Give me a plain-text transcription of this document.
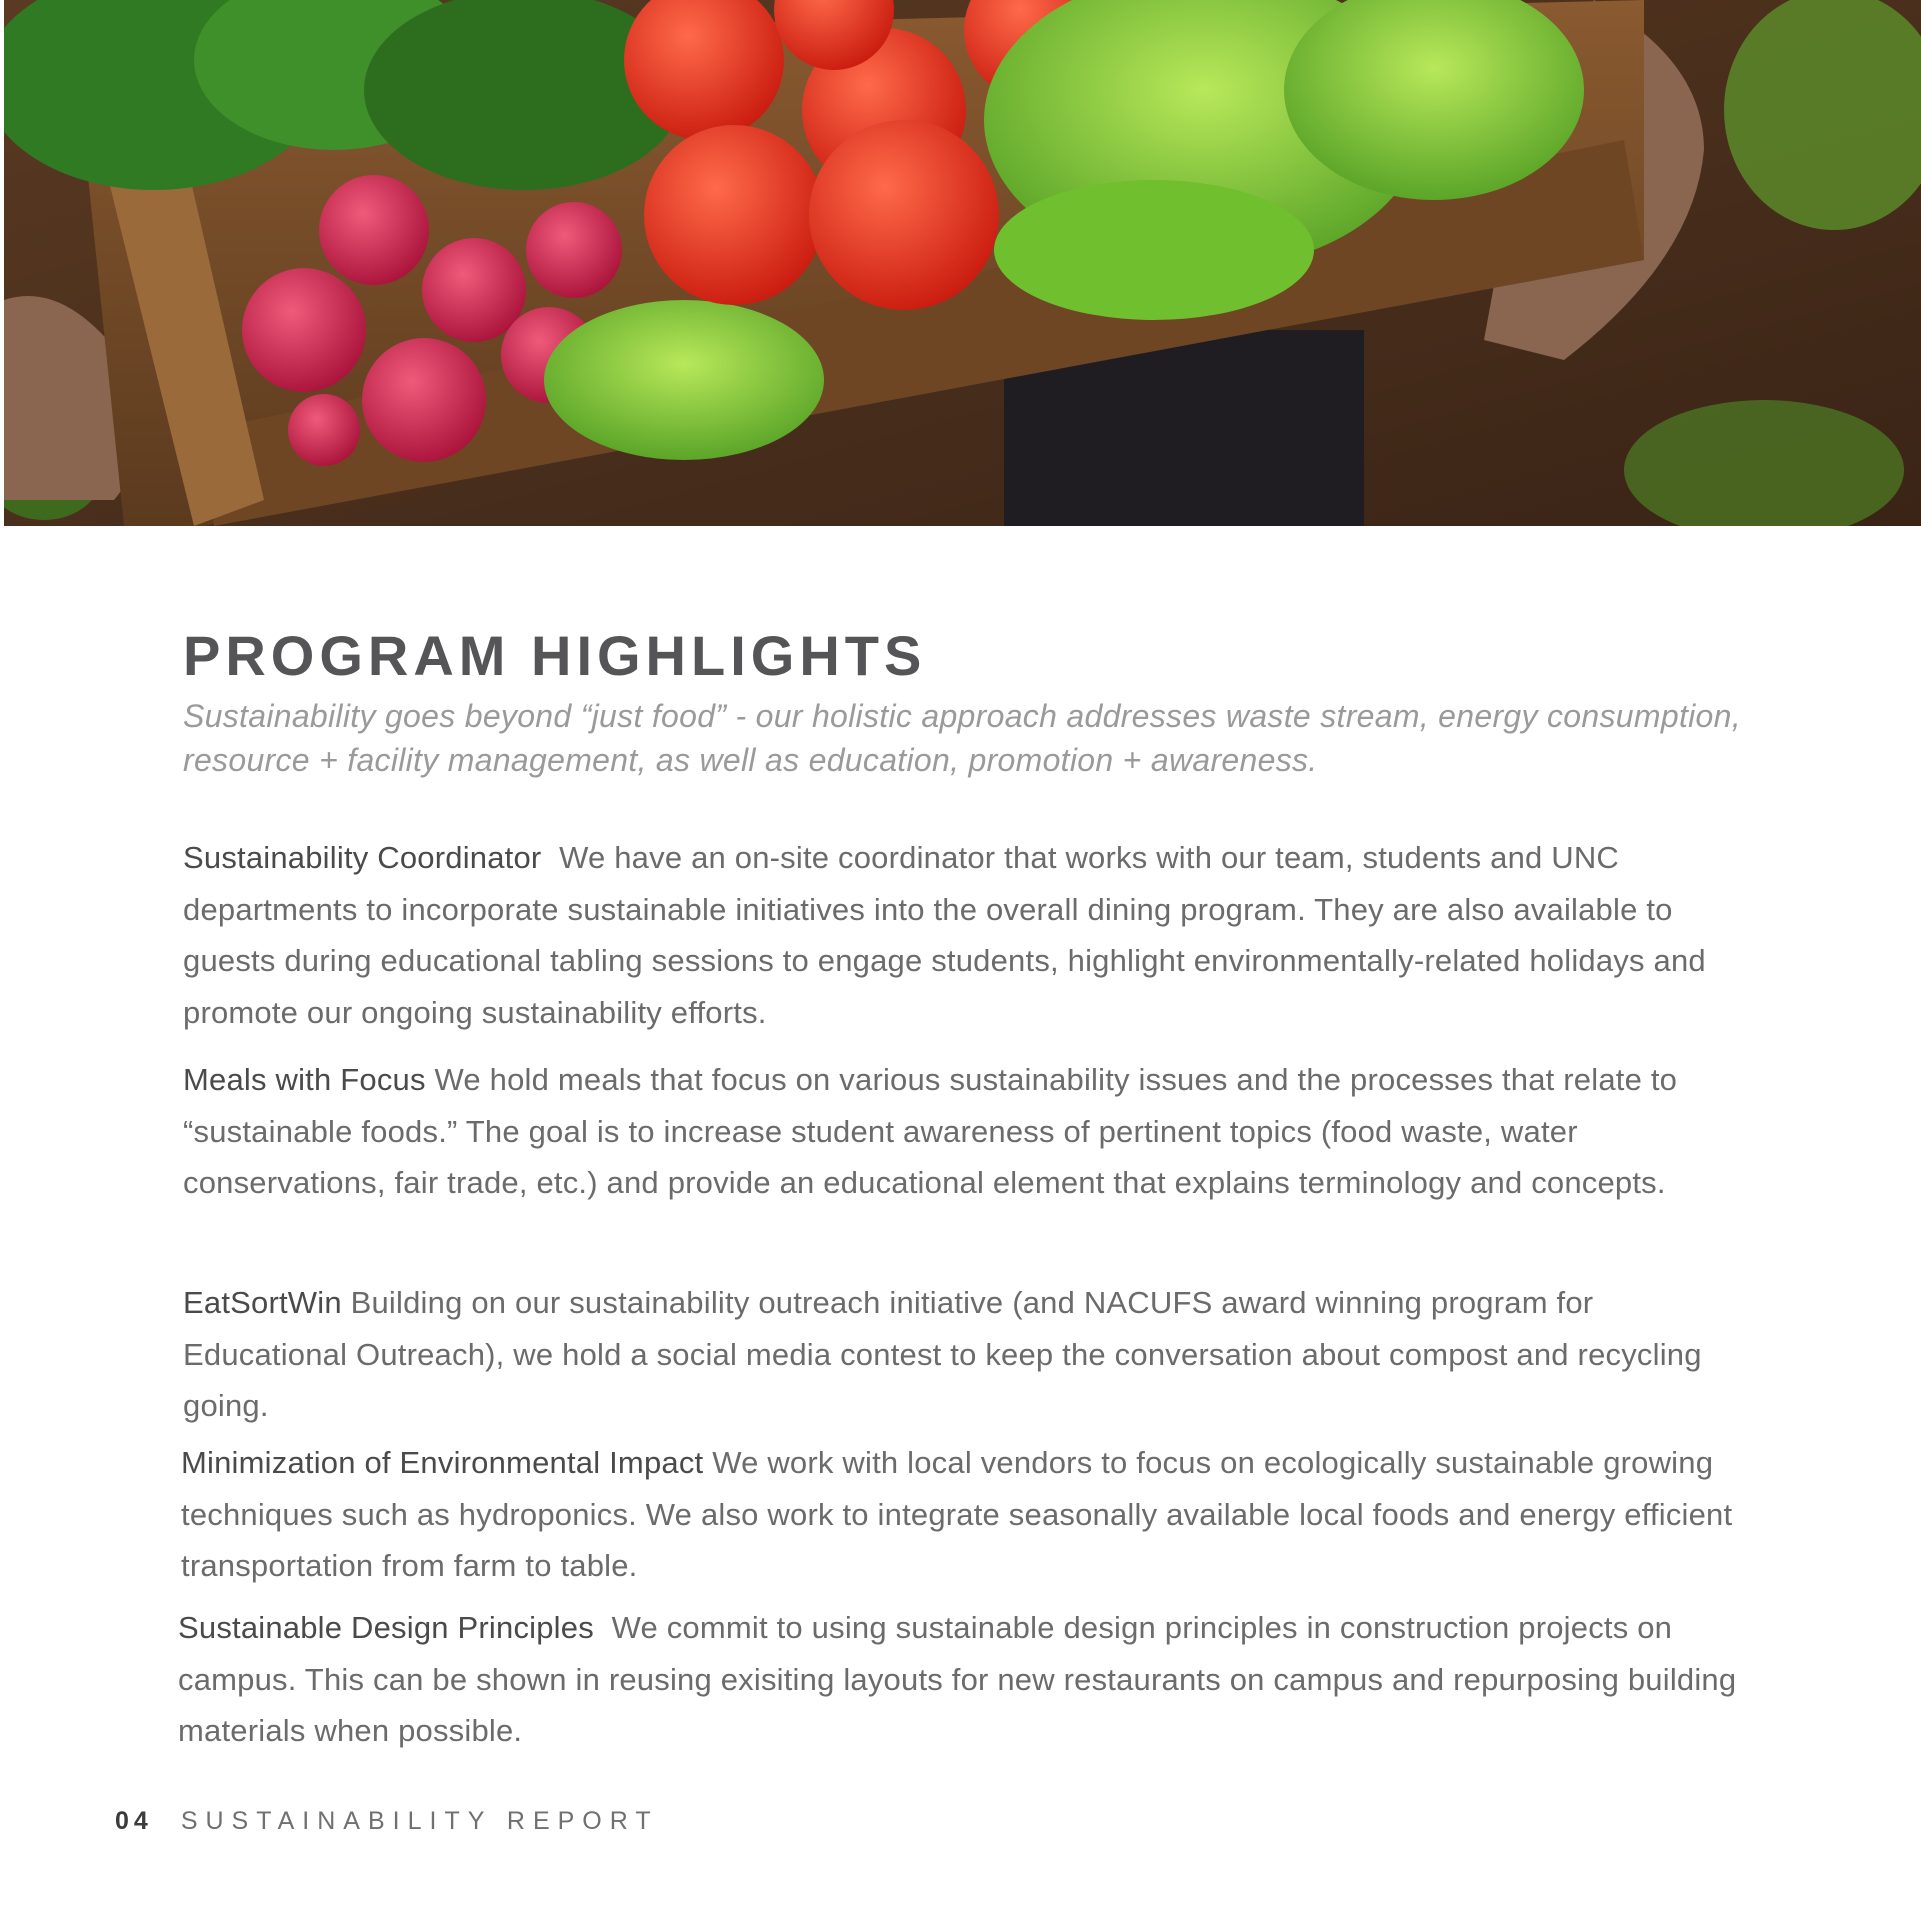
PROGRAM HIGHLIGHTS

Sustainability goes beyond “just food” - our holistic approach addresses waste stream, energy consumption, resource + facility management, as well as education, promotion + awareness.

Sustainability Coordinator We have an on-site coordinator that works with our team, students and UNC departments to incorporate sustainable initiatives into the overall dining program. They are also available to guests during educational tabling sessions to engage students, highlight environmentally-related holidays and promote our ongoing sustainability efforts.

Meals with Focus We hold meals that focus on various sustainability issues and the processes that relate to “sustainable foods.” The goal is to increase student awareness of pertinent topics (food waste, water conservations, fair trade, etc.) and provide an educational element that explains terminology and concepts.

EatSortWin Building on our sustainability outreach initiative (and NACUFS award winning program for Educational Outreach), we hold a social media contest to keep the conversation about compost and recycling going.

Minimization of Environmental Impact We work with local vendors to focus on ecologically sustainable growing techniques such as hydroponics. We also work to integrate seasonally available local foods and energy efficient transportation from farm to table.

Sustainable Design Principles We commit to using sustainable design principles in construction projects on campus. This can be shown in reusing exisiting layouts for new restaurants on campus and repurposing building materials when possible.

04 SUSTAINABILITY REPORT
